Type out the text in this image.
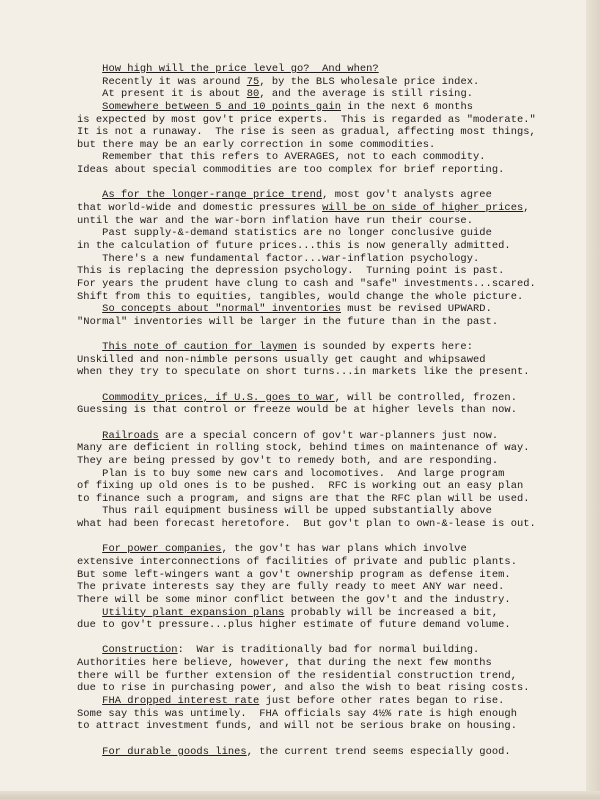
How high will the price level go?  And when?
Recently it was around 75, by the BLS wholesale price index.
At present it is about 80, and the average is still rising.
Somewhere between 5 and 10 points gain in the next 6 months
is expected by most gov't price experts.  This is regarded as "moderate."
It is not a runaway.  The rise is seen as gradual, affecting most things,
but there may be an early correction in some commodities.
Remember that this refers to AVERAGES, not to each commodity.
Ideas about special commodities are too complex for brief reporting.
As for the longer-range price trend, most gov't analysts agree
that world-wide and domestic pressures will be on side of higher prices,
until the war and the war-born inflation have run their course.
Past supply-&-demand statistics are no longer conclusive guide
in the calculation of future prices...this is now generally admitted.
There's a new fundamental factor...war-inflation psychology.
This is replacing the depression psychology.  Turning point is past.
For years the prudent have clung to cash and "safe" investments...scared.
Shift from this to equities, tangibles, would change the whole picture.
So concepts about "normal" inventories must be revised UPWARD.
"Normal" inventories will be larger in the future than in the past.
This note of caution for laymen is sounded by experts here:
Unskilled and non-nimble persons usually get caught and whipsawed
when they try to speculate on short turns...in markets like the present.
Commodity prices, if U.S. goes to war, will be controlled, frozen.
Guessing is that control or freeze would be at higher levels than now.
Railroads are a special concern of gov't war-planners just now.
Many are deficient in rolling stock, behind times on maintenance of way.
They are being pressed by gov't to remedy both, and are responding.
Plan is to buy some new cars and locomotives.  And large program
of fixing up old ones is to be pushed.  RFC is working out an easy plan
to finance such a program, and signs are that the RFC plan will be used.
Thus rail equipment business will be upped substantially above
what had been forecast heretofore.  But gov't plan to own-&-lease is out.
For power companies, the gov't has war plans which involve
extensive interconnections of facilities of private and public plants.
But some left-wingers want a gov't ownership program as defense item.
The private interests say they are fully ready to meet ANY war need.
There will be some minor conflict between the gov't and the industry.
Utility plant expansion plans probably will be increased a bit,
due to gov't pressure...plus higher estimate of future demand volume.
Construction:  War is traditionally bad for normal building.
Authorities here believe, however, that during the next few months
there will be further extension of the residential construction trend,
due to rise in purchasing power, and also the wish to beat rising costs.
FHA dropped interest rate just before other rates began to rise.
Some say this was untimely.  FHA officials say 4½% rate is high enough
to attract investment funds, and will not be serious brake on housing.
For durable goods lines, the current trend seems especially good.
